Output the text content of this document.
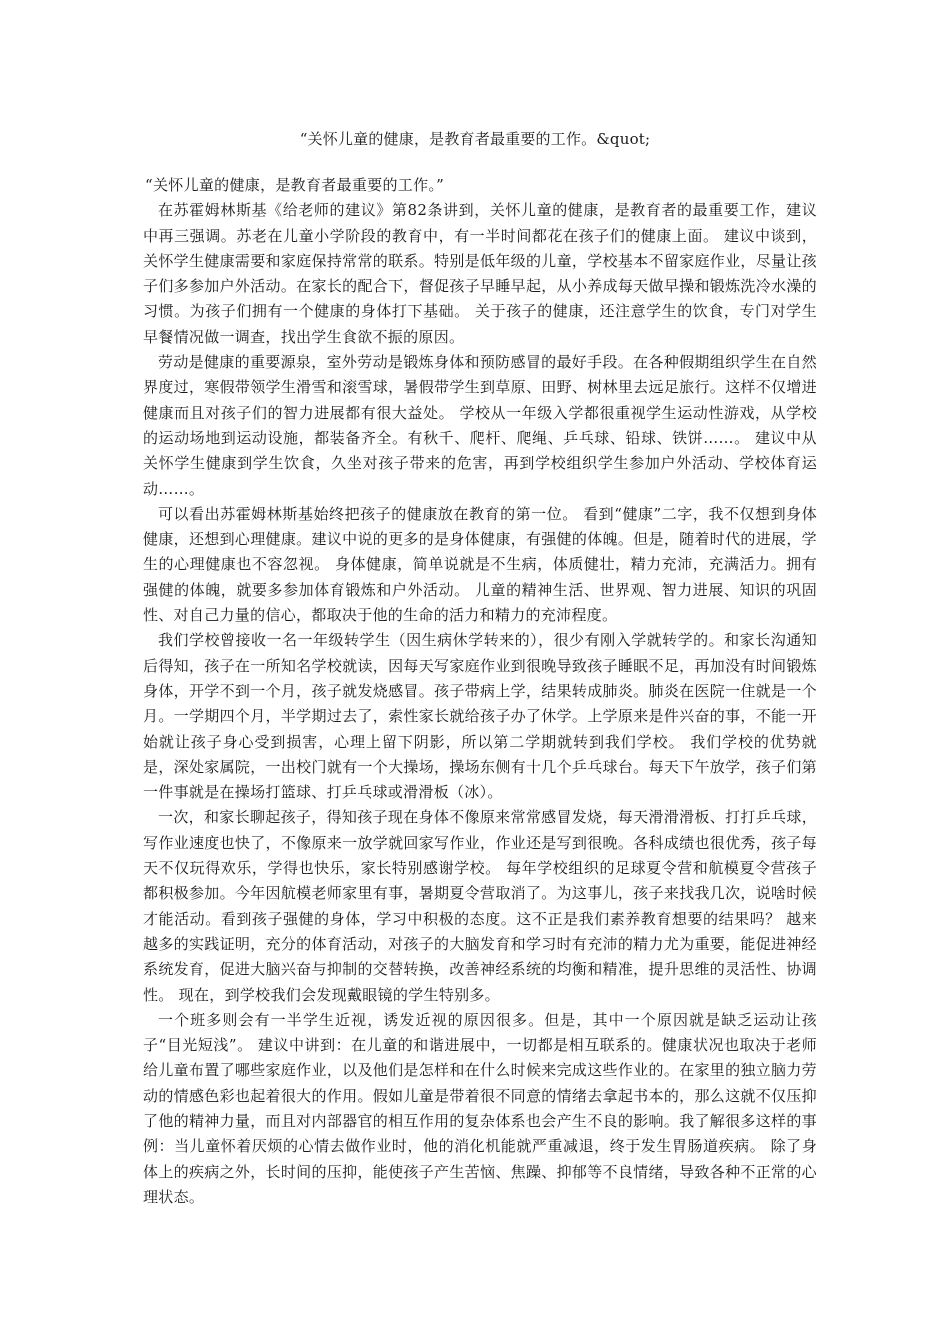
“关怀儿童的健康，是教育者最重要的工作。&quot;

“关怀儿童的健康，是教育者最重要的工作。”

在苏霍姆林斯基《给老师的建议》第82条讲到，关怀儿童的健康，是教育者的最重要工作，建议中再三强调。苏老在儿童小学阶段的教育中，有一半时间都花在孩子们的健康上面。 建议中谈到，关怀学生健康需要和家庭保持常常的联系。特别是低年级的儿童，学校基本不留家庭作业，尽量让孩子们多参加户外活动。在家长的配合下，督促孩子早睡早起，从小养成每天做早操和锻炼洗冷水澡的习惯。为孩子们拥有一个健康的身体打下基础。 关于孩子的健康，还注意学生的饮食，专门对学生早餐情况做一调查，找出学生食欲不振的原因。

劳动是健康的重要源泉，室外劳动是锻炼身体和预防感冒的最好手段。在各种假期组织学生在自然界度过，寒假带领学生滑雪和滚雪球，暑假带学生到草原、田野、树林里去远足旅行。这样不仅增进健康而且对孩子们的智力进展都有很大益处。 学校从一年级入学都很重视学生运动性游戏，从学校的运动场地到运动设施，都装备齐全。有秋千、爬杆、爬绳、乒乓球、铅球、铁饼……。 建议中从关怀学生健康到学生饮食，久坐对孩子带来的危害，再到学校组织学生参加户外活动、学校体育运动……。

可以看出苏霍姆林斯基始终把孩子的健康放在教育的第一位。 看到“健康”二字，我不仅想到身体健康，还想到心理健康。建议中说的更多的是身体健康，有强健的体魄。但是，随着时代的进展，学生的心理健康也不容忽视。 身体健康，简单说就是不生病，体质健壮，精力充沛，充满活力。拥有强健的体魄，就要多参加体育锻炼和户外活动。 儿童的精神生活、世界观、智力进展、知识的巩固性、对自己力量的信心，都取决于他的生命的活力和精力的充沛程度。

我们学校曾接收一名一年级转学生（因生病休学转来的），很少有刚入学就转学的。和家长沟通知后得知，孩子在一所知名学校就读，因每天写家庭作业到很晚导致孩子睡眠不足，再加没有时间锻炼身体，开学不到一个月，孩子就发烧感冒。孩子带病上学，结果转成肺炎。肺炎在医院一住就是一个月。一学期四个月，半学期过去了，索性家长就给孩子办了休学。上学原来是件兴奋的事，不能一开始就让孩子身心受到损害，心理上留下阴影，所以第二学期就转到我们学校。 我们学校的优势就是，深处家属院，一出校门就有一个大操场，操场东侧有十几个乒乓球台。每天下午放学，孩子们第一件事就是在操场打篮球、打乒乓球或滑滑板（冰）。

一次，和家长聊起孩子，得知孩子现在身体不像原来常常感冒发烧，每天滑滑滑板、打打乒乓球，写作业速度也快了，不像原来一放学就回家写作业，作业还是写到很晚。各科成绩也很优秀，孩子每天不仅玩得欢乐，学得也快乐，家长特别感谢学校。 每年学校组织的足球夏令营和航模夏令营孩子都积极参加。今年因航模老师家里有事，暑期夏令营取消了。为这事儿，孩子来找我几次，说啥时候才能活动。看到孩子强健的身体，学习中积极的态度。这不正是我们素养教育想要的结果吗？ 越来越多的实践证明，充分的体育活动，对孩子的大脑发育和学习时有充沛的精力尤为重要，能促进神经系统发育，促进大脑兴奋与抑制的交替转换，改善神经系统的均衡和精准，提升思维的灵活性、协调性。 现在，到学校我们会发现戴眼镜的学生特别多。

一个班多则会有一半学生近视，诱发近视的原因很多。但是，其中一个原因就是缺乏运动让孩子“目光短浅”。 建议中讲到：在儿童的和谐进展中，一切都是相互联系的。健康状况也取决于老师给儿童布置了哪些家庭作业，以及他们是怎样和在什么时候来完成这些作业的。在家里的独立脑力劳动的情感色彩也起着很大的作用。假如儿童是带着很不同意的情绪去拿起书本的，那么这就不仅压抑了他的精神力量，而且对内部器官的相互作用的复杂体系也会产生不良的影响。我了解很多这样的事例：当儿童怀着厌烦的心情去做作业时，他的消化机能就严重减退，终于发生胃肠道疾病。 除了身体上的疾病之外，长时间的压抑，能使孩子产生苦恼、焦躁、抑郁等不良情绪，导致各种不正常的心理状态。
